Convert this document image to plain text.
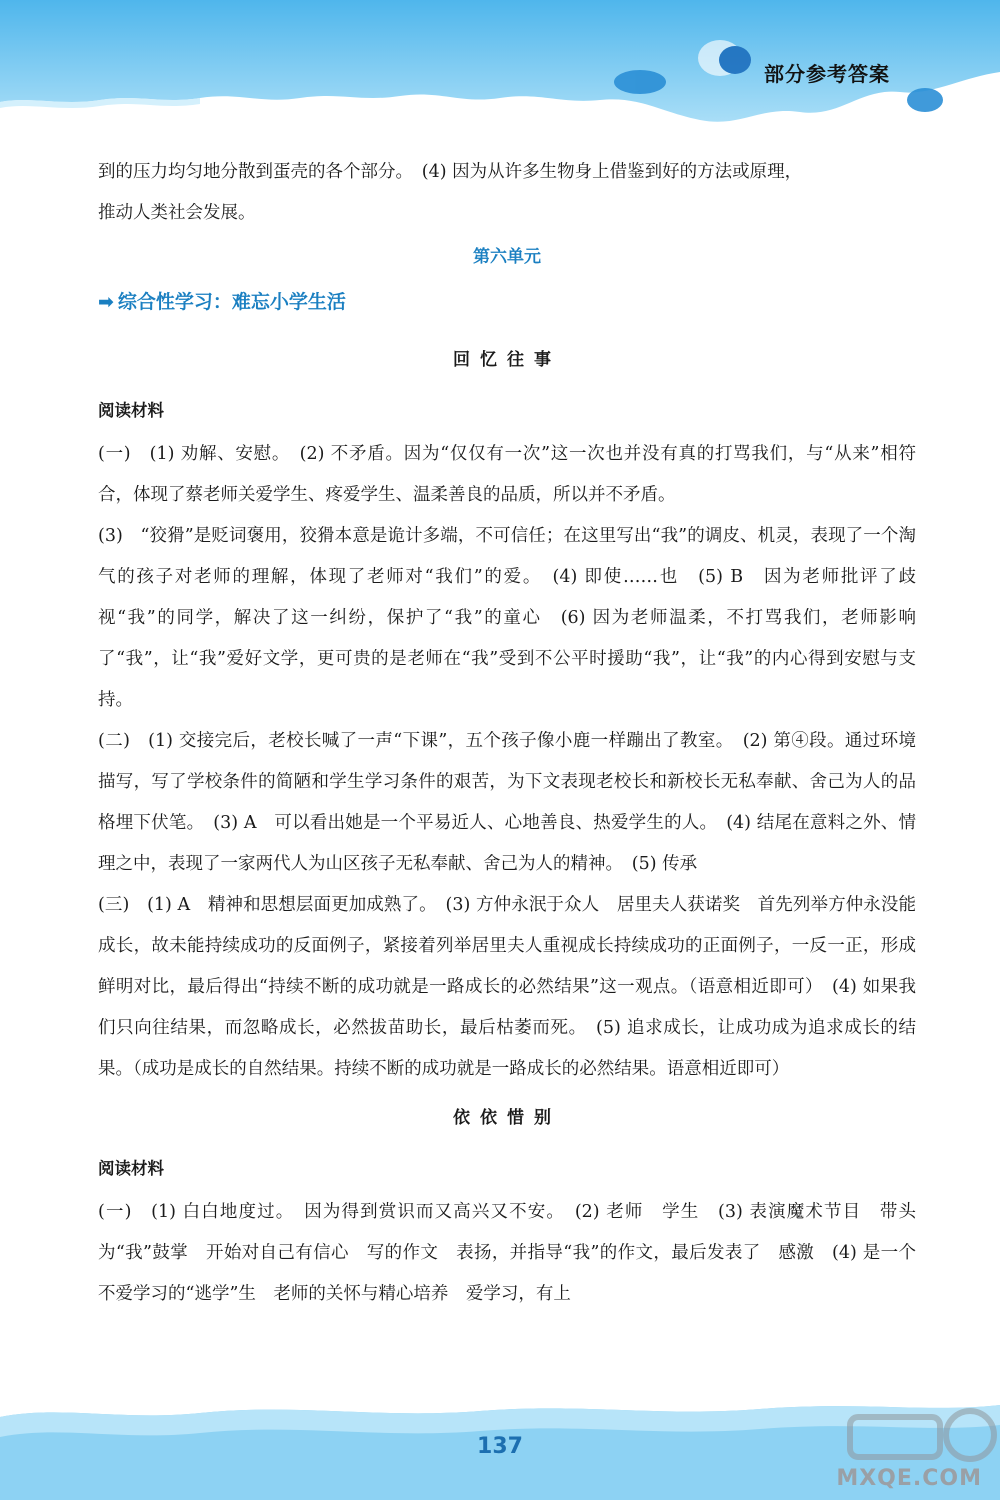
部分参考答案

到的压力均匀地分散到蛋壳的各个部分。　(4) 因为从许多生物身上借鉴到好的方法或原理，

推动人类社会发展。

第六单元
➡ 综合性学习：难忘小学生活
回忆往事
阅读材料

(一)　(1) 劝解、安慰。　(2) 不矛盾。因为“仅仅有一次”这一次也并没有真的打骂我们，与“从来”相符合，体现了蔡老师关爱学生、疼爱学生、温柔善良的品质，所以并不矛盾。

(3)　“狡猾”是贬词褒用，狡猾本意是诡计多端，不可信任；在这里写出“我”的调皮、机灵，表现了一个淘气的孩子对老师的理解，体现了老师对“我们”的爱。　(4) 即使……也　(5) B　因为老师批评了歧视“我”的同学，解决了这一纠纷，保护了“我”的童心　(6) 因为老师温柔，不打骂我们，老师影响了“我”，让“我”爱好文学，更可贵的是老师在“我”受到不公平时援助“我”，让“我”的内心得到安慰与支持。

(二)　(1) 交接完后，老校长喊了一声“下课”，五个孩子像小鹿一样蹦出了教室。　(2) 第④段。通过环境描写，写了学校条件的简陋和学生学习条件的艰苦，为下文表现老校长和新校长无私奉献、舍己为人的品格埋下伏笔。　(3) A　可以看出她是一个平易近人、心地善良、热爱学生的人。　(4) 结尾在意料之外、情理之中，表现了一家两代人为山区孩子无私奉献、舍己为人的精神。　(5) 传承

(三)　(1) A　精神和思想层面更加成熟了。　(3) 方仲永泯于众人　居里夫人获诺奖　首先列举方仲永没能成长，故未能持续成功的反面例子，紧接着列举居里夫人重视成长持续成功的正面例子，一反一正，形成鲜明对比，最后得出“持续不断的成功就是一路成长的必然结果”这一观点。（语意相近即可）　(4) 如果我们只向往结果，而忽略成长，必然拔苗助长，最后枯萎而死。　(5) 追求成长，让成功成为追求成长的结果。（成功是成长的自然结果。持续不断的成功就是一路成长的必然结果。语意相近即可）

依依惜别
阅读材料

(一)　(1) 白白地度过。　因为得到赏识而又高兴又不安。　(2) 老师　学生　(3) 表演魔术节目　带头为“我”鼓掌　开始对自己有信心　写的作文　表扬，并指导“我”的作文，最后发表了　感激　(4) 是一个不爱学习的“逃学”生　老师的关怀与精心培养　爱学习，有上

137
MXQE.COM
